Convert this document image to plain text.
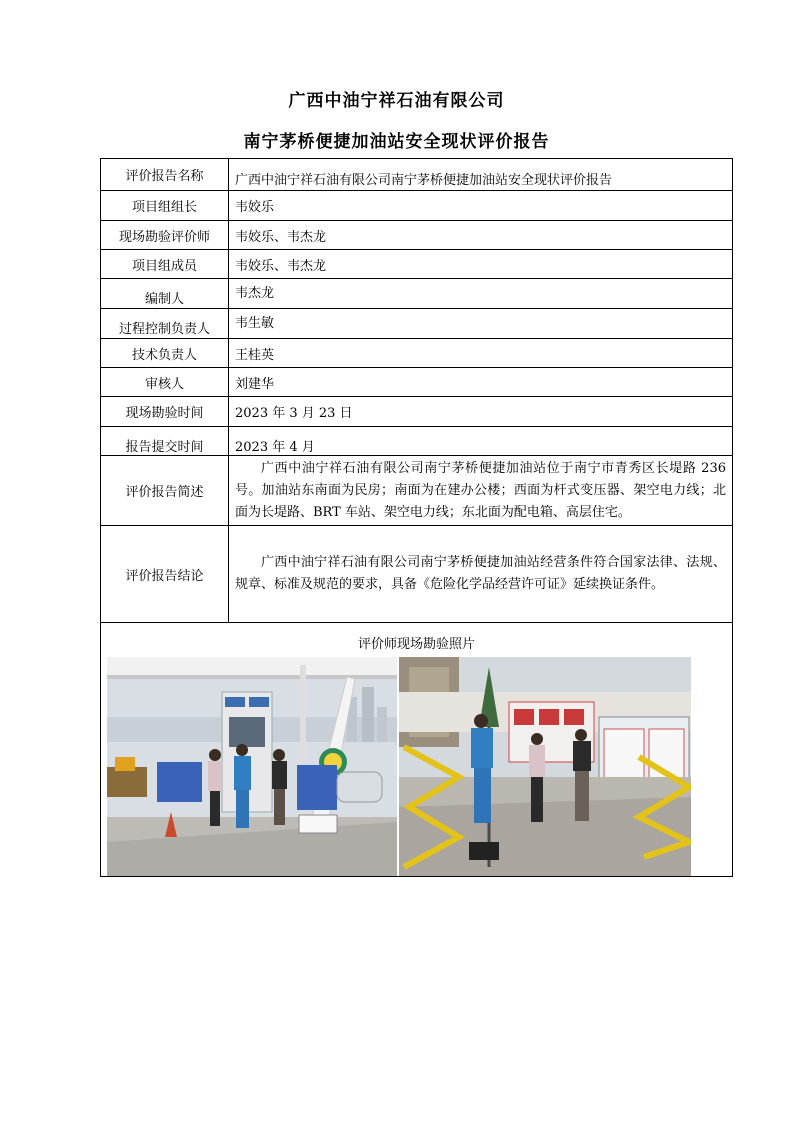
广西中油宁祥石油有限公司
南宁茅桥便捷加油站安全现状评价报告
评价报告名称	广西中油宁祥石油有限公司南宁茅桥便捷加油站安全现状评价报告
项目组组长	韦姣乐
现场勘验评价师	韦姣乐、韦杰龙
项目组成员	韦姣乐、韦杰龙
编制人	韦杰龙
过程控制负责人	韦生敏
技术负责人	王桂英
审核人	刘建华
现场勘验时间	2023 年 3 月 23 日
报告提交时间	2023 年 4 月
评价报告简述	广西中油宁祥石油有限公司南宁茅桥便捷加油站位于南宁市青秀区长堤路 236 号。加油站东南面为民房；南面为在建办公楼；西面为杆式变压器、架空电力线；北面为长堤路、BRT 车站、架空电力线；东北面为配电箱、高层住宅。
评价报告结论	广西中油宁祥石油有限公司南宁茅桥便捷加油站经营条件符合国家法律、法规、规章、标准及规范的要求，具备《危险化学品经营许可证》延续换证条件。

评价师现场勘验照片	
